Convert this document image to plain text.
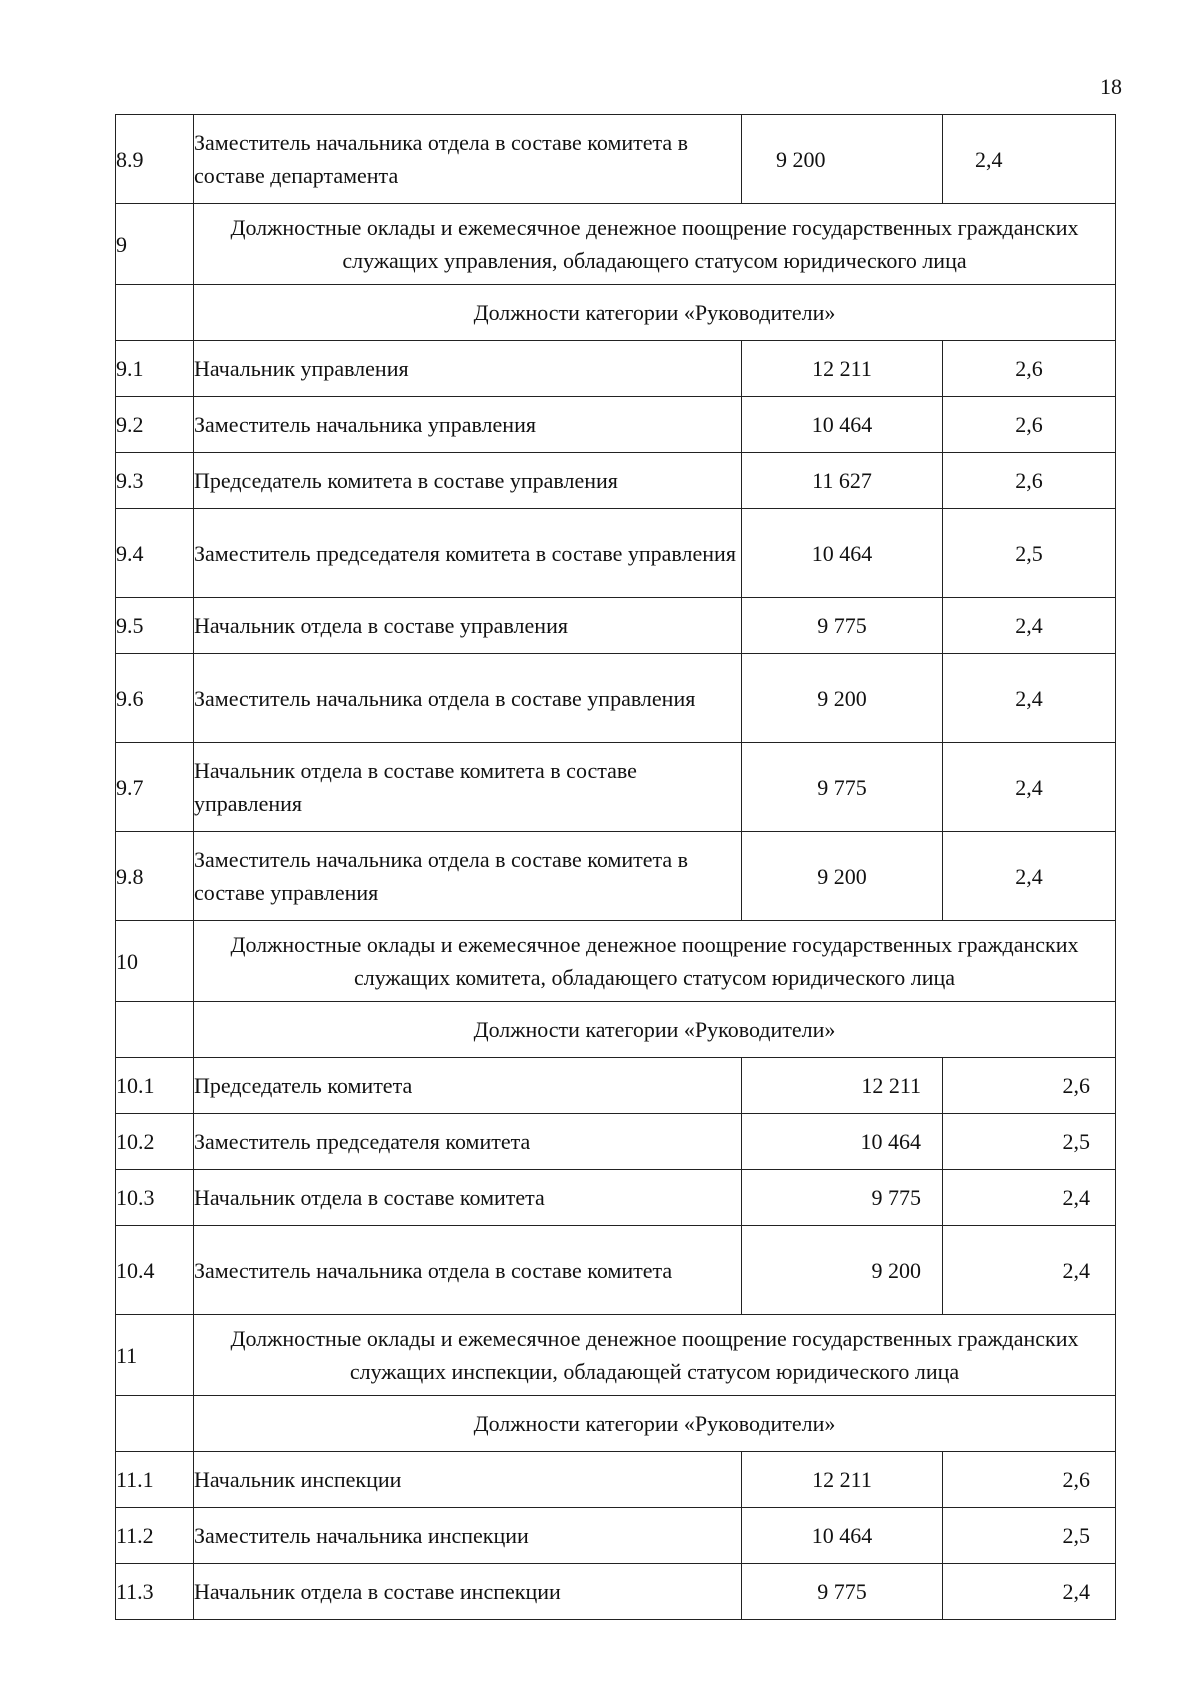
18
8.9	Заместитель начальника отдела в составе комитета в составе департамента	9 200	2,4
9	Должностные оклады и ежемесячное денежное поощрение государственных гражданских служащих управления, обладающего статусом юридического лица		
	Должности категории «Руководители»		
9.1	Начальник управления	12 211	2,6
9.2	Заместитель начальника управления	10 464	2,6
9.3	Председатель комитета в составе управления	11 627	2,6
9.4	Заместитель председателя комитета в составе управления	10 464	2,5
9.5	Начальник отдела в составе управления	9 775	2,4
9.6	Заместитель начальника отдела в составе управления	9 200	2,4
9.7	Начальник отдела в составе комитета в составе управления	9 775	2,4
9.8	Заместитель начальника отдела в составе комитета в составе управления	9 200	2,4
10	Должностные оклады и ежемесячное денежное поощрение государственных гражданских служащих комитета, обладающего статусом юридического лица		
	Должности категории «Руководители»		
10.1	Председатель комитета	12 211	2,6
10.2	Заместитель председателя комитета	10 464	2,5
10.3	Начальник отдела в составе комитета	9 775	2,4
10.4	Заместитель начальника отдела в составе комитета	9 200	2,4
11	Должностные оклады и ежемесячное денежное поощрение государственных гражданских служащих инспекции, обладающей статусом юридического лица		
	Должности категории «Руководители»		
11.1	Начальник инспекции	12 211	2,6
11.2	Заместитель начальника инспекции	10 464	2,5
11.3	Начальник отдела в составе инспекции	9 775	2,4
